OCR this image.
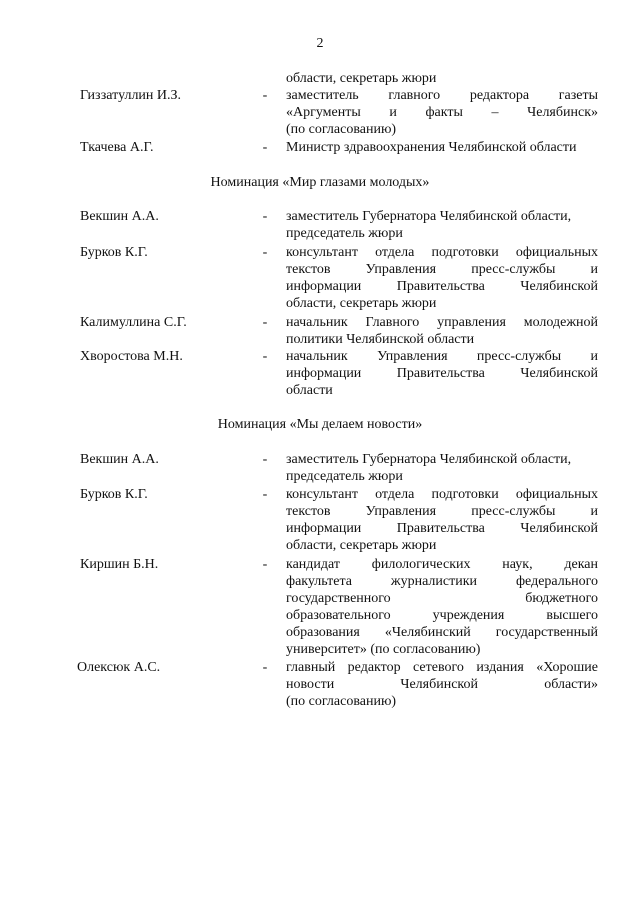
2
области, секретарь жюри
Гиззатуллин И.З.	- заместитель главного редактора газеты
«Аргументы и факты – Челябинск»
(по согласованию)
Ткачева А.Г.	- Министр здравоохранения Челябинской области
Номинация «Мир глазами молодых»
Векшин А.А.	- заместитель Губернатора Челябинской области,
председатель жюри
Бурков К.Г.	- консультант отдела подготовки официальных
текстов Управления пресс-службы и
информации Правительства Челябинской
области, секретарь жюри
Калимуллина С.Г.	- начальник Главного управления молодежной
политики Челябинской области
Хворостова М.Н.	- начальник Управления пресс-службы и
информации Правительства Челябинской
области
Номинация «Мы делаем новости»
Векшин А.А.	- заместитель Губернатора Челябинской области,
председатель жюри
Бурков К.Г.	- консультант отдела подготовки официальных
текстов Управления пресс-службы и
информации Правительства Челябинской
области, секретарь жюри
Киршин Б.Н.	- кандидат филологических наук, декан
факультета журналистики федерального
государственного бюджетного
образовательного учреждения высшего
образования «Челябинский государственный
университет» (по согласованию)
Олексюк А.С.	- главный редактор сетевого издания «Хорошие
новости Челябинской области»
(по согласованию)
